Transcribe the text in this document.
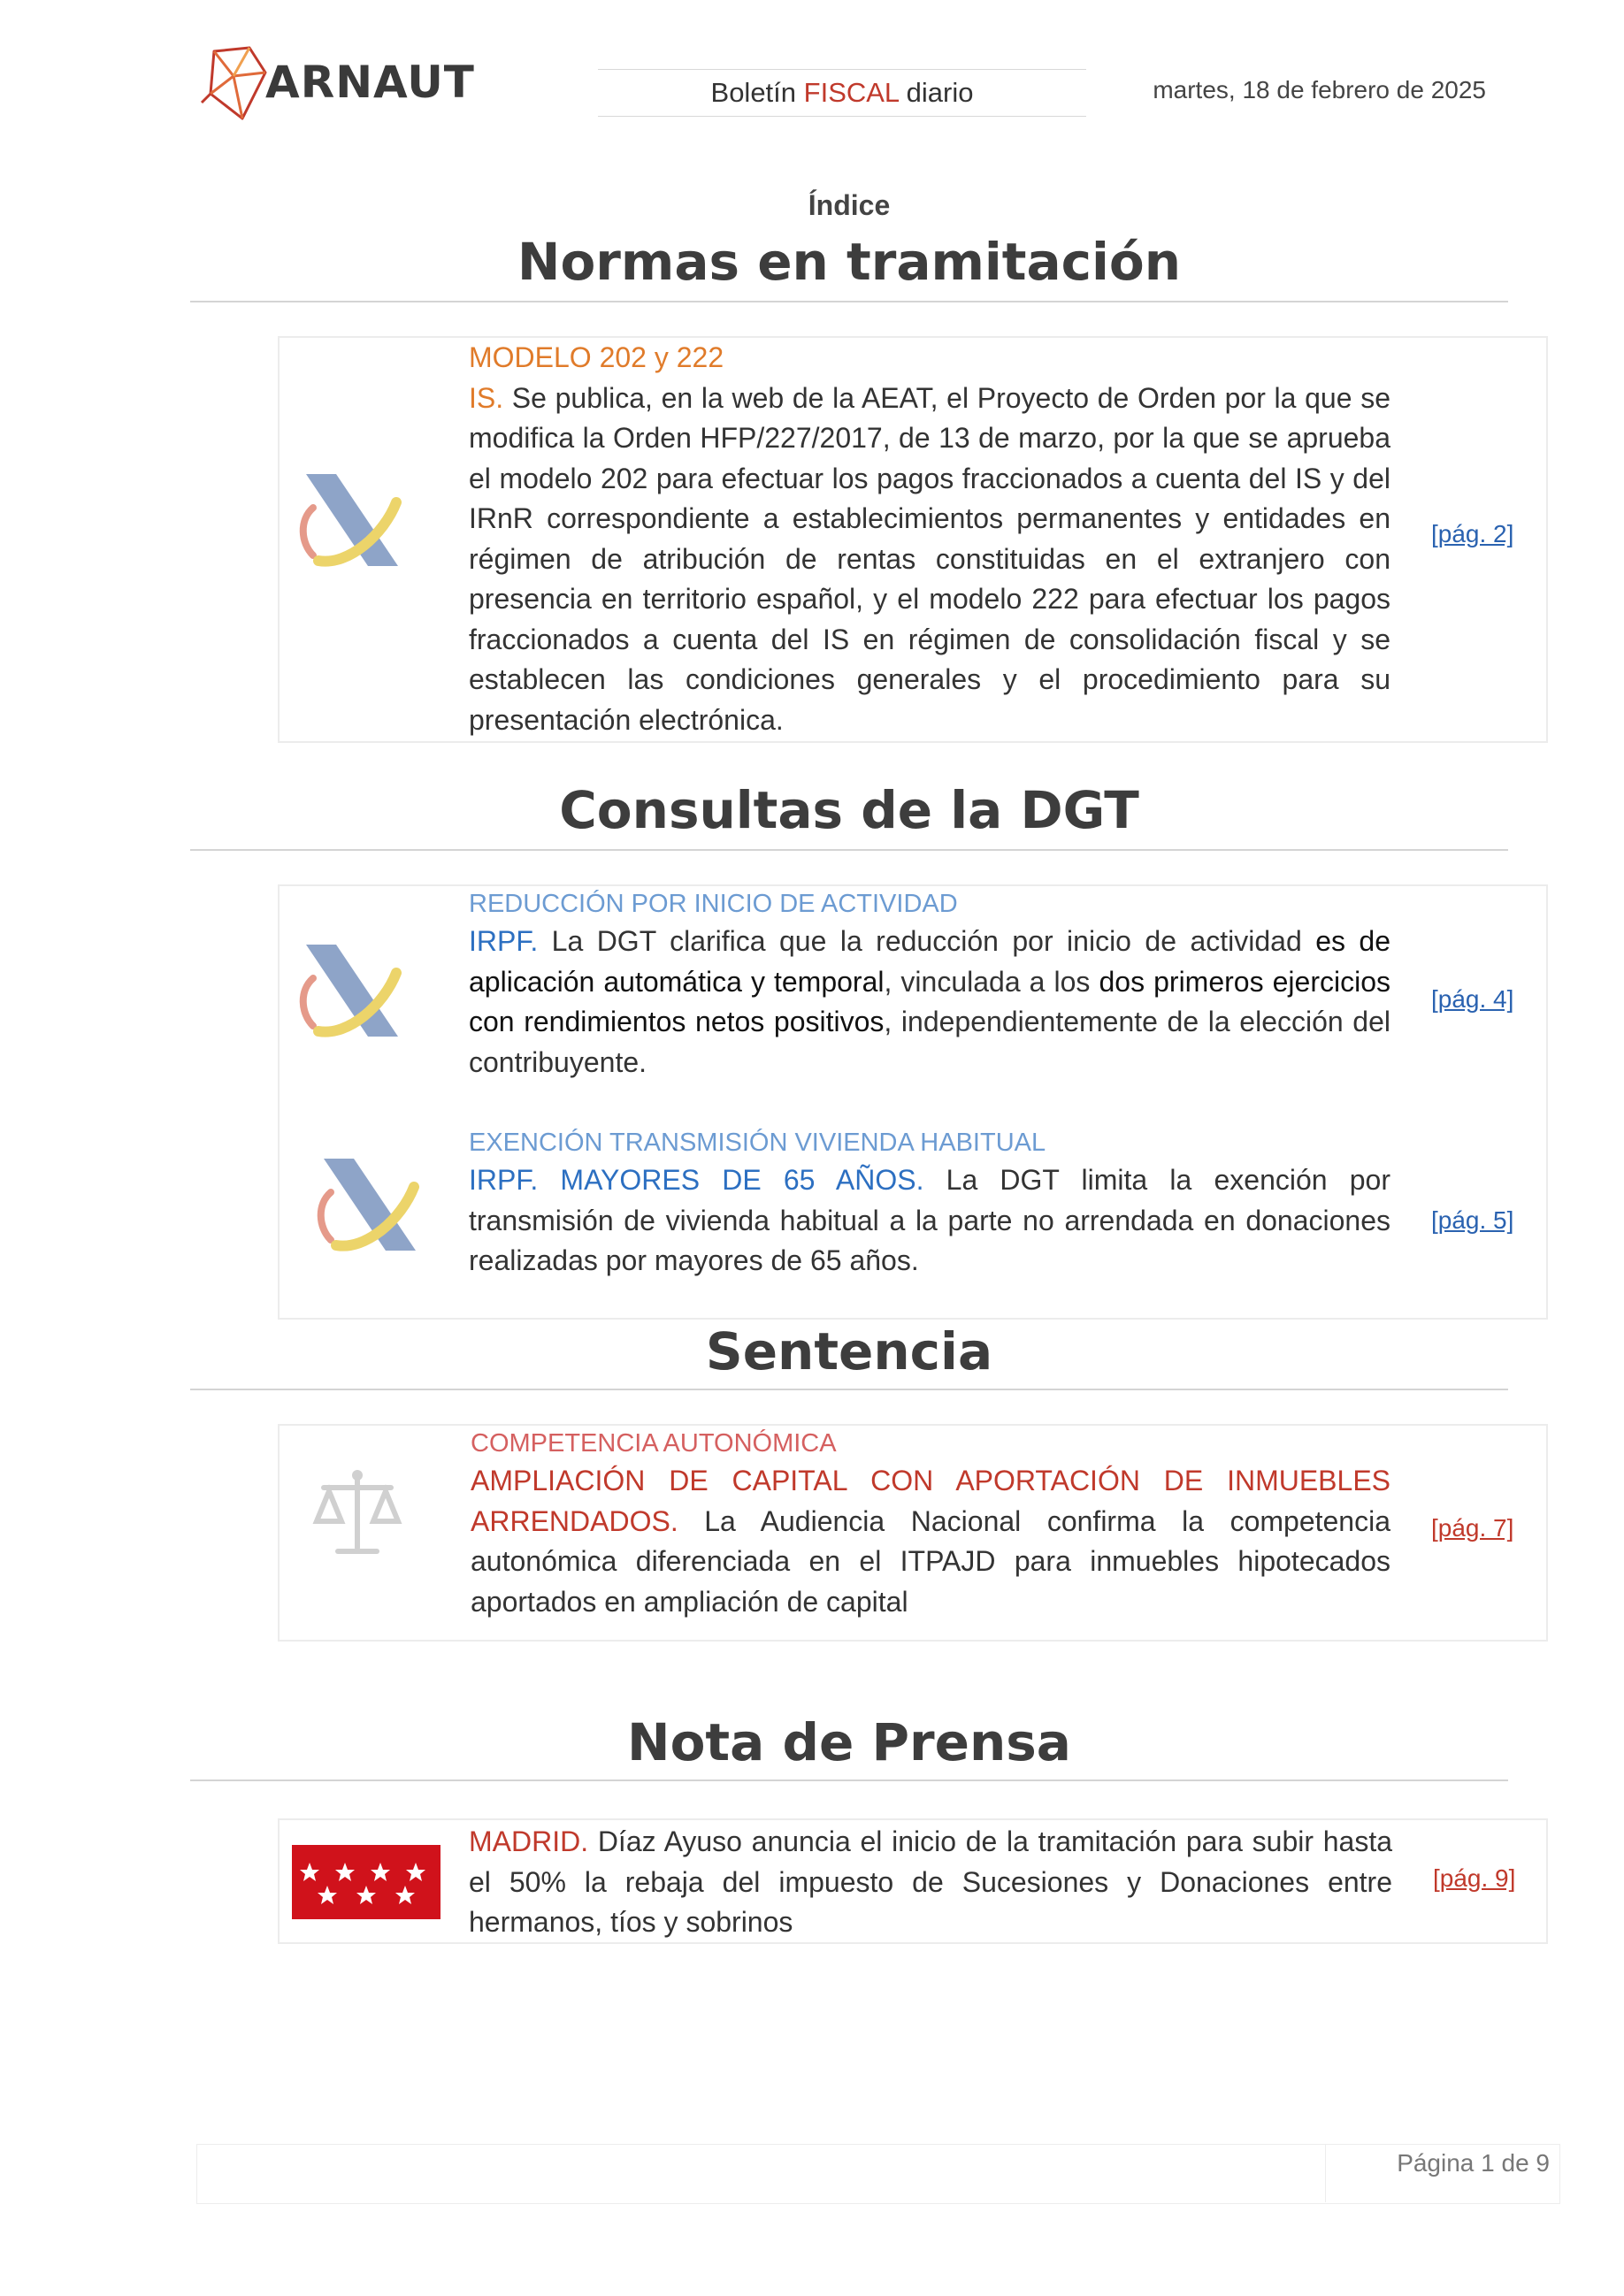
ARNAUT	Boletín FISCAL diario	martes, 18 de febrero de 2025
Índice
Normas en tramitación
MODELO 202 y 222
IS. Se publica, en la web de la AEAT, el Proyecto de Orden por la que se modifica la Orden HFP/227/2017, de 13 de marzo, por la que se aprueba el modelo 202 para efectuar los pagos fraccionados a cuenta del IS y del IRnR correspondiente a establecimientos permanentes y entidades en régimen de atribución de rentas constituidas en el extranjero con presencia en territorio español, y el modelo 222 para efectuar los pagos fraccionados a cuenta del IS en régimen de consolidación fiscal y se establecen las condiciones generales y el procedimiento para su presentación electrónica.
[pág. 2]
Consultas de la DGT
REDUCCIÓN POR INICIO DE ACTIVIDAD
IRPF. La DGT clarifica que la reducción por inicio de actividad es de aplicación automática y temporal, vinculada a los dos primeros ejercicios con rendimientos netos positivos, independientemente de la elección del contribuyente.
[pág. 4]
EXENCIÓN TRANSMISIÓN VIVIENDA HABITUAL
IRPF. MAYORES DE 65 AÑOS. La DGT limita la exención por transmisión de vivienda habitual a la parte no arrendada en donaciones realizadas por mayores de 65 años.
[pág. 5]
Sentencia
COMPETENCIA AUTONÓMICA
AMPLIACIÓN DE CAPITAL CON APORTACIÓN DE INMUEBLES ARRENDADOS. La Audiencia Nacional confirma la competencia autonómica diferenciada en el ITPAJD para inmuebles hipotecados aportados en ampliación de capital
[pág. 7]
Nota de Prensa
MADRID. Díaz Ayuso anuncia el inicio de la tramitación para subir hasta el 50% la rebaja del impuesto de Sucesiones y Donaciones entre hermanos, tíos y sobrinos
[pág. 9]
Página 1 de 9
